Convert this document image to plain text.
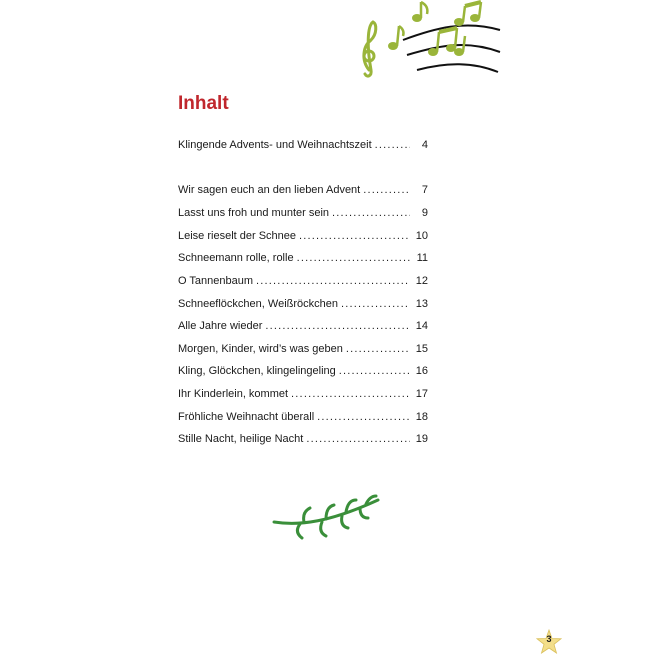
Inhalt
Klingende Advents- und Weihnachtszeit .....	4
Wir sagen euch an den lieben Advent .....	7
Lasst uns froh und munter sein .....	9
Leise rieselt der Schnee .....	10
Schneemann rolle, rolle .....	11
O Tannenbaum .....	12
Schneeflöckchen, Weißröckchen .....	13
Alle Jahre wieder .....	14
Morgen, Kinder, wird’s was geben .....	15
Kling, Glöckchen, klingelingeling .....	16
Ihr Kinderlein, kommet .....	17
Fröhliche Weihnacht überall .....	18
Stille Nacht, heilige Nacht .....	19
3
